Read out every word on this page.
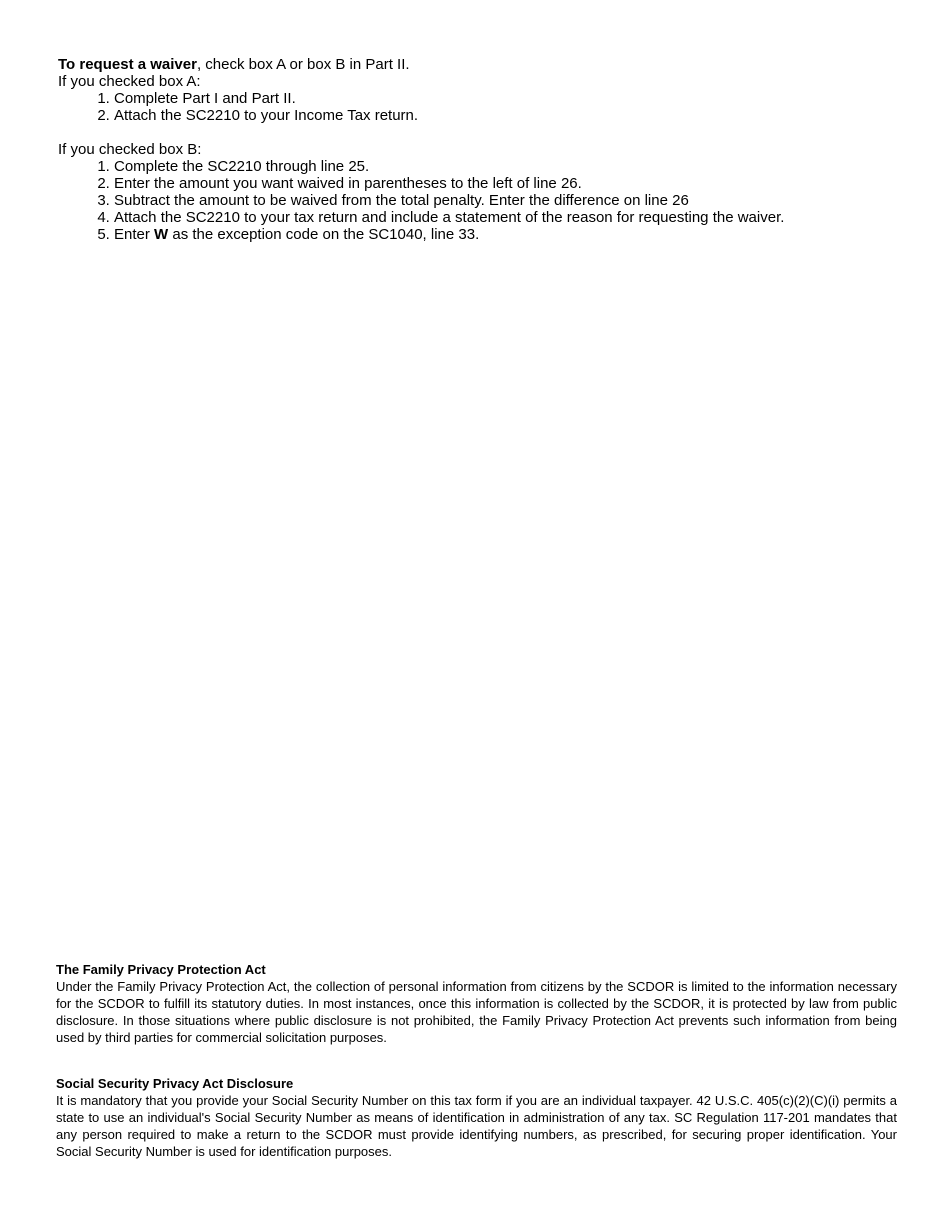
To request a waiver, check box A or box B in Part II.

If you checked box A:

1. Complete Part I and Part II.
2. Attach the SC2210 to your Income Tax return.

If you checked box B:

1. Complete the SC2210 through line 25.
2. Enter the amount you want waived in parentheses to the left of line 26.
3. Subtract the amount to be waived from the total penalty. Enter the difference on line 26
4. Attach the SC2210 to your tax return and include a statement of the reason for requesting the waiver.
5. Enter W as the exception code on the SC1040, line 33.
The Family Privacy Protection Act

Under the Family Privacy Protection Act, the collection of personal information from citizens by the SCDOR is limited to the information necessary for the SCDOR to fulfill its statutory duties. In most instances, once this information is collected by the SCDOR, it is protected by law from public disclosure. In those situations where public disclosure is not prohibited, the Family Privacy Protection Act prevents such information from being used by third parties for commercial solicitation purposes.

Social Security Privacy Act Disclosure

It is mandatory that you provide your Social Security Number on this tax form if you are an individual taxpayer. 42 U.S.C. 405(c)(2)(C)(i) permits a state to use an individual's Social Security Number as means of identification in administration of any tax. SC Regulation 117-201 mandates that any person required to make a return to the SCDOR must provide identifying numbers, as prescribed, for securing proper identification. Your Social Security Number is used for identification purposes.
